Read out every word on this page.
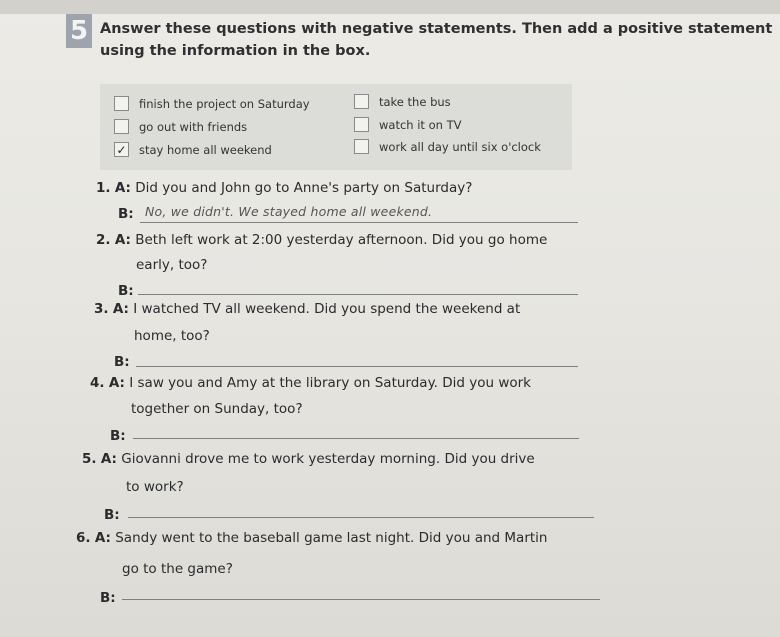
5 Answer these questions with negative statements. Then add a positive statement using the information in the box.
finish the project on Saturday	take the bus
go out with friends	watch it on TV
✓ stay home all weekend	work all day until six o'clock
1. A: Did you and John go to Anne's party on Saturday?
B: No, we didn't. We stayed home all weekend.
2. A: Beth left work at 2:00 yesterday afternoon. Did you go home
early, too?
B:
3. A: I watched TV all weekend. Did you spend the weekend at
home, too?
B:
4. A: I saw you and Amy at the library on Saturday. Did you work
together on Sunday, too?
B:
5. A: Giovanni drove me to work yesterday morning. Did you drive
to work?
B:
6. A: Sandy went to the baseball game last night. Did you and Martin
go to the game?
B:
